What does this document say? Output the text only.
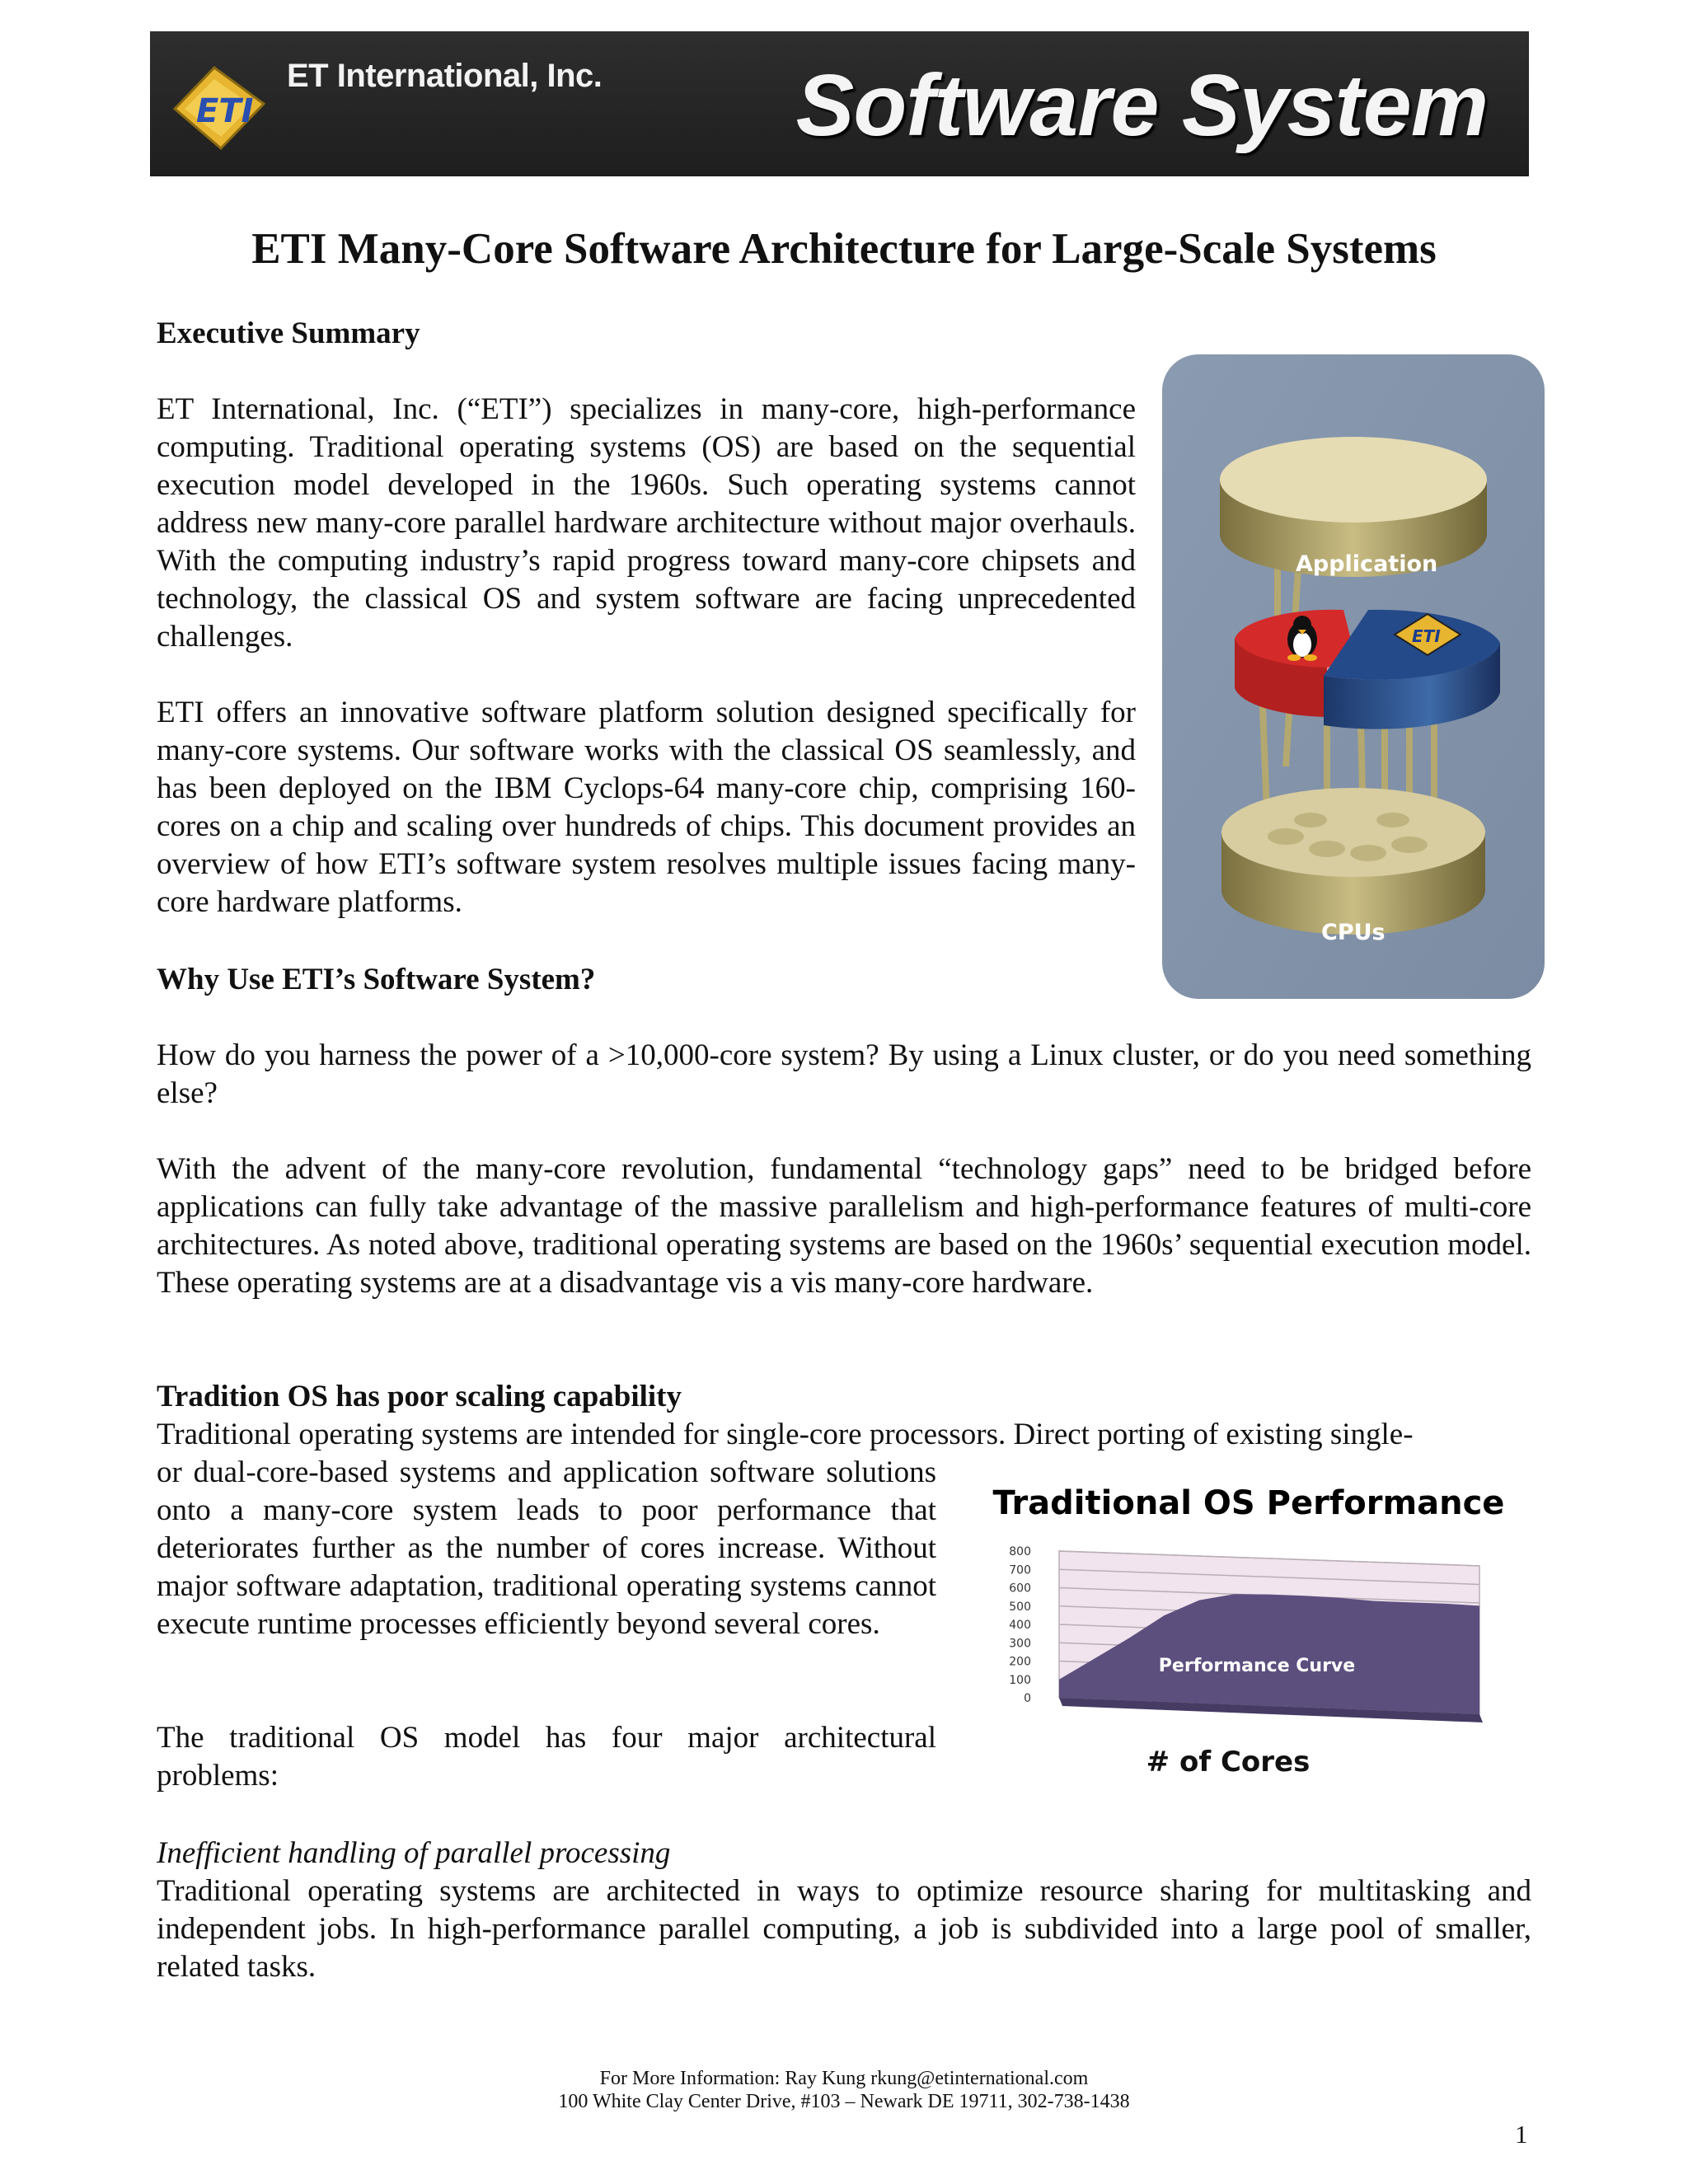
ETI
ET International, Inc. Software System
ETI Many-Core Software Architecture for Large-Scale Systems
Executive Summary
ET International, Inc. (“ETI”) specializes in many-core, high-performance computing. Traditional operating systems (OS) are based on the sequential execution model developed in the 1960s. Such operating systems cannot address new many-core parallel hardware architecture without major overhauls. With the computing industry’s rapid progress toward many-core chipsets and technology, the classical OS and system software are facing unprecedented challenges.
ETI offers an innovative software platform solution designed specifically for many-core systems. Our software works with the classical OS seamlessly, and has been deployed on the IBM Cyclops-64 many-core chip, comprising 160-cores on a chip and scaling over hundreds of chips. This document provides an overview of how ETI’s software system resolves multiple issues facing many-core hardware platforms.
Application
ETI
CPUs
Why Use ETI’s Software System?
How do you harness the power of a >10,000-core system? By using a Linux cluster, or do you need something else?
With the advent of the many-core revolution, fundamental “technology gaps” need to be bridged before applications can fully take advantage of the massive parallelism and high-performance features of multi-core architectures. As noted above, traditional operating systems are based on the 1960s’ sequential execution model. These operating systems are at a disadvantage vis a vis many-core hardware.
Tradition OS has poor scaling capability
Traditional operating systems are intended for single-core processors. Direct porting of existing single-
or dual-core-based systems and application software solutions onto a many-core system leads to poor performance that deteriorates further as the number of cores increase. Without major software adaptation, traditional operating systems cannot execute runtime processes efficiently beyond several cores.
The traditional OS model has four major architectural problems:
Traditional OS Performance
800
700
600
500
400
300
200
100
0
Performance Curve
# of Cores
Inefficient handling of parallel processing
Traditional operating systems are architected in ways to optimize resource sharing for multitasking and independent jobs. In high-performance parallel computing, a job is subdivided into a large pool of smaller, related tasks.
For More Information: Ray Kung rkung@etinternational.com
100 White Clay Center Drive, #103 – Newark DE 19711, 302-738-1438
1
